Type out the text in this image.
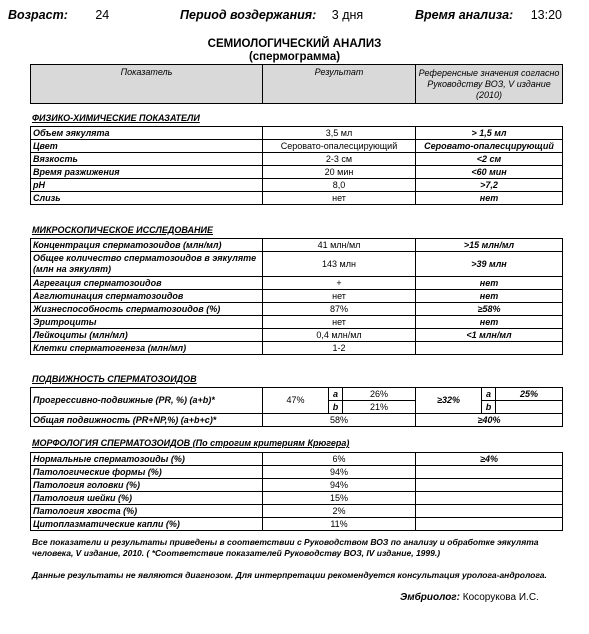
Возраст: 24	Период воздержания: 3 дня	Время анализа: 13:20
СЕМИОЛОГИЧЕСКИЙ АНАЛИЗ
(спермограмма)
Показатель	Результат	Референсные значения согласно Руководству ВОЗ, V издание (2010)
ФИЗИКО-ХИМИЧЕСКИЕ ПОКАЗАТЕЛИ
Объем эякулята	3,5 мл	> 1,5 мл
Цвет	Серовато-опалесцирующий	Серовато-опалесцирующий
Вязкость	2-3 см	<2 см
Время разжижения	20 мин	<60 мин
pH	8,0	>7,2
Слизь	нет	нет
МИКРОСКОПИЧЕСКОЕ ИССЛЕДОВАНИЕ
Концентрация сперматозоидов (млн/мл)	41 млн/мл	>15 млн/мл
Общее количество сперматозоидов в эякуляте (млн на эякулят)	143 млн	>39 млн
Агрегация сперматозоидов	+	нет
Агглютинация сперматозоидов	нет	нет
Жизнеспособность сперматозоидов (%)	87%	≥58%
Эритроциты	нет	нет
Лейкоциты (млн/мл)	0,4 млн/мл	<1 млн/мл
Клетки сперматогенеза (млн/мл)	1-2	
ПОДВИЖНОСТЬ СПЕРМАТОЗОИДОВ
Прогрессивно-подвижные (PR, %) (a+b)*	47%	a	26%	≥32%	a	25%
		b	21%		b	
Общая подвижность (PR+NP,%) (a+b+c)*	58%			≥40%		
МОРФОЛОГИЯ СПЕРМАТОЗОИДОВ (По строгим критериям Крюгера)
Нормальные сперматозоиды (%)	6%	≥4%
Патологические формы (%)	94%	
Патология головки (%)	94%	
Патология шейки (%)	15%	
Патология хвоста (%)	2%	
Цитоплазматические капли (%)	11%	
Все показатели и результаты приведены в соответствии с Руководством ВОЗ по анализу и обработке эякулята человека, V издание, 2010. ( *Соответствие показателей Руководству ВОЗ, IV издание, 1999.)
Данные результаты не являются диагнозом. Для интерпретации рекомендуется консультация уролога-андролога.
Эмбриолог: Косорукова И.С.
